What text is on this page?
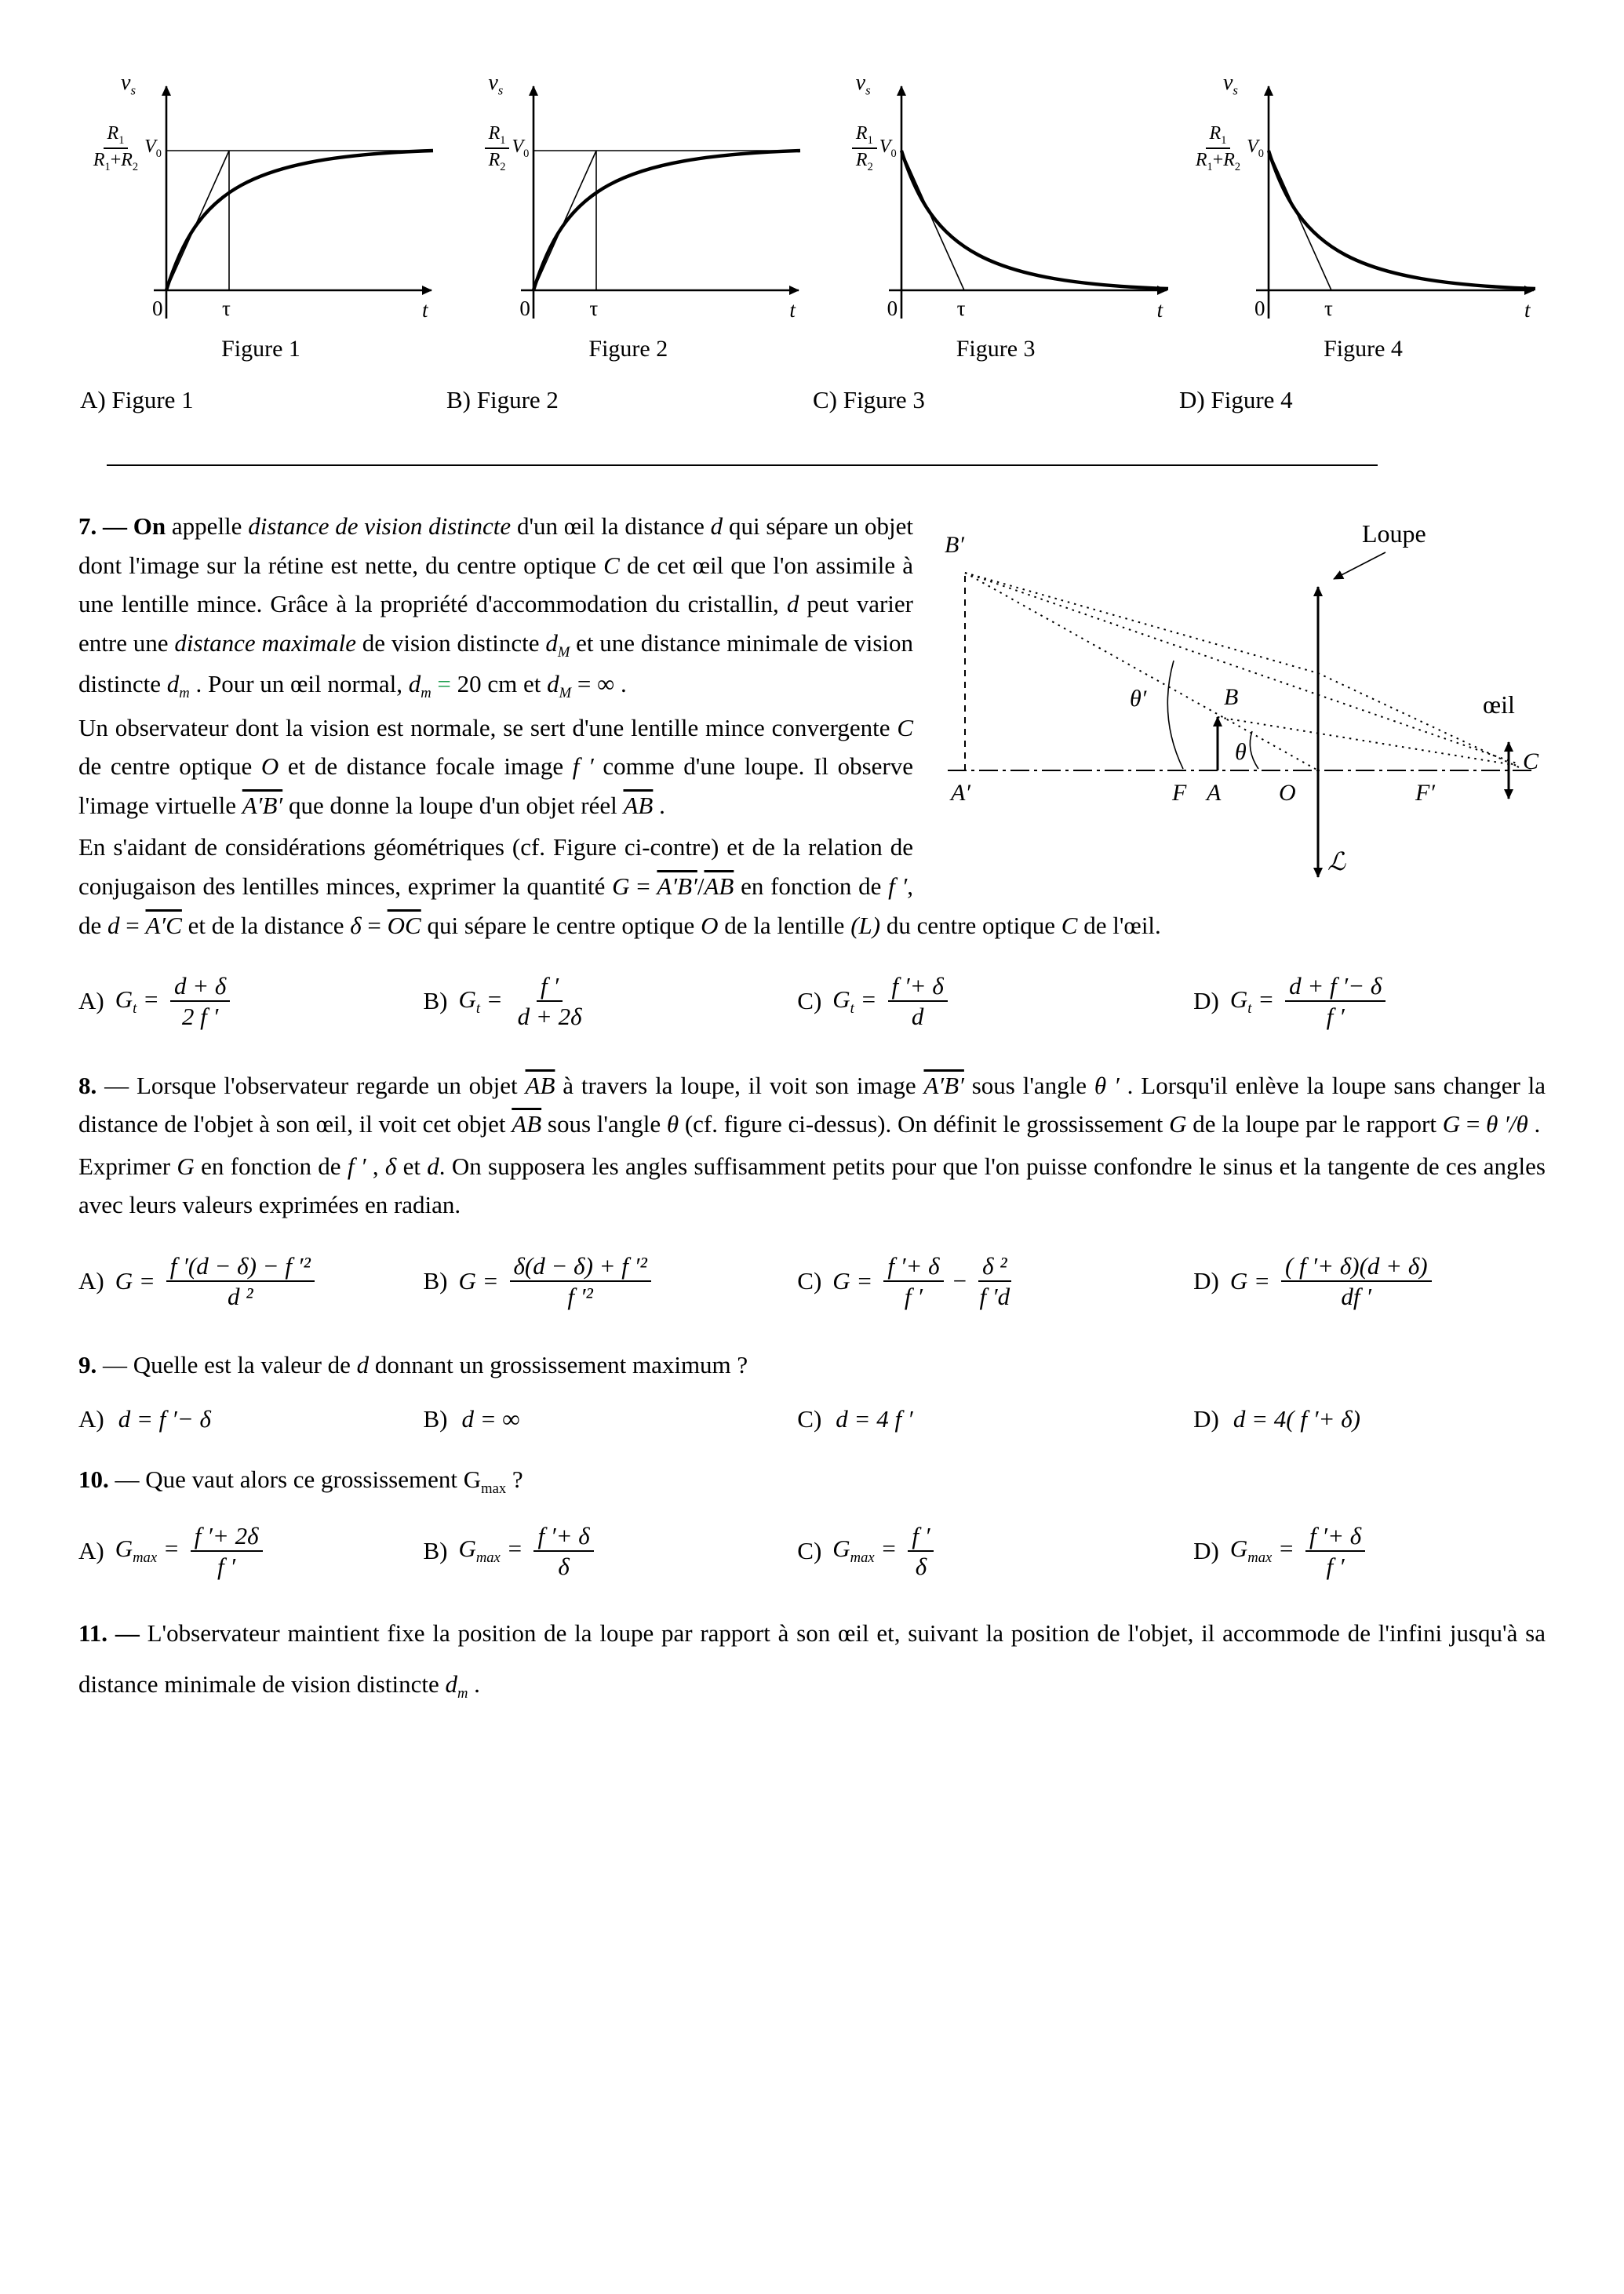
$v_s$
$\frac{R_1}{R_1+R_2} V_0$
0	τ	t
Figure 1
$v_s$
$\frac{R_1}{R_2} V_0$
0	τ	t
Figure 2
$v_s$
$\frac{R_1}{R_2} V_0$
0	τ	t
Figure 3
$v_s$
$\frac{R_1}{R_1+R_2} V_0$
0	τ	t
Figure 4
A) Figure 1	B) Figure 2	C) Figure 3	D) Figure 4
B′	Loupe
œil
A′	F A O	F′
C
B
θ′
θ
ℒ

7. — On appelle distance de vision distincte d'un œil la distance d qui sépare un objet dont l'image sur la rétine est nette, du centre optique C de cet œil que l'on assimile à une lentille mince. Grâce à la propriété d'accommodation du cristallin, d peut varier entre une distance maximale de vision distincte $d_M$ et une distance minimale de vision distincte $d_m$ . Pour un œil normal, $d_m = 20$ cm et $d_M$ = ∞ .

Un observateur dont la vision est normale, se sert d'une lentille mince convergente C de centre optique O et de distance focale image f ′ comme d'une loupe. Il observe l'image virtuelle A′B′ que donne la loupe d'un objet réel $\overline{AB}$ .

En s'aidant de considérations géométriques (cf. Figure ci-contre) et de la relation de conjugaison des lentilles minces, exprimer la quantité $G = A'B'/\overline{AB}$ en fonction de f ′, de d = A′C et de la distance $\delta = \overline{OC}$ qui sépare le centre optique O de la lentille (L) du centre optique C de l'œil.

A) $G_t = \frac{d + \delta}{2 f '}$	B) $G_t = \frac{f '}{d + 2\delta}$	C) $G_t = \frac{f '+ \delta}{d}$	D) $G_t = \frac{d + f '- \delta}{f '}$

8. — Lorsque l'observateur regarde un objet $\overline{AB}$ à travers la loupe, il voit son image A′B′ sous l'angle θ ′ . Lorsqu'il enlève la loupe sans changer la distance de l'objet à son œil, il voit cet objet $\overline{AB}$ sous l'angle θ (cf. figure ci-dessus). On définit le grossissement G de la loupe par le rapport G = θ ′/θ .

Exprimer G en fonction de f ′ , δ et d. On supposera les angles suffisamment petits pour que l'on puisse confondre le sinus et la tangente de ces angles avec leurs valeurs exprimées en radian.

A) $G = \frac{\text{f ′(d − δ) − f ′²}}{\text{d ²}}$	B) $G = \frac{\text{δ(d − δ) + f ′²}}{\text{f ′²}}$	C) $G = \frac{f '+ \delta}{f '} - \frac{\text{δ ²}}{f 'd}$	D) $G = \frac{( f '+ \delta)(d + \delta)}{df '}$

9. — Quelle est la valeur de d donnant un grossissement maximum ?

A) d = f ′− δ	B) d = ∞	C) d = 4 f ′	D) d = 4( f ′+ δ)

10. — Que vaut alors ce grossissement $G_{max}$ ?

A) $G_{max} = \frac{f '+ 2\delta}{f '}$	B) $G_{max} = \frac{f '+ \delta}{\delta}$	C) $G_{max} = \frac{f '}{\delta}$	D) $G_{max} = \frac{f '+ \delta}{f '}$

11. — L'observateur maintient fixe la position de la loupe par rapport à son œil et, suivant la position de l'objet, il accommode de l'infini jusqu'à sa distance minimale de vision distincte $d_m$ .
